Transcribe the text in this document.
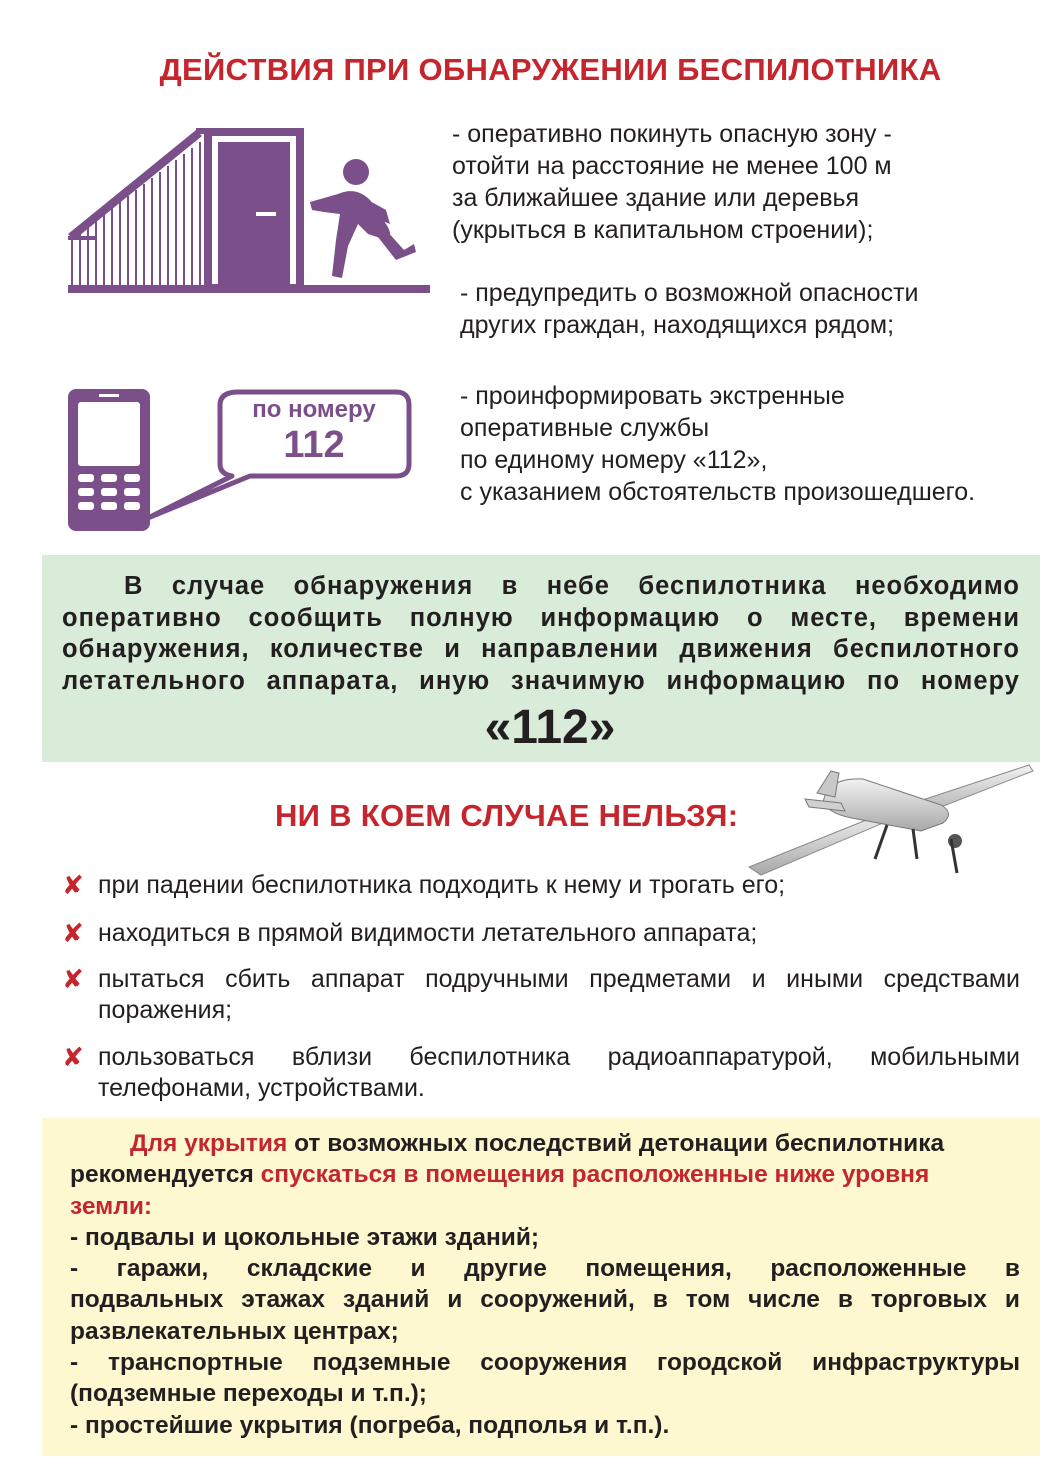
ДЕЙСТВИЯ ПРИ ОБНАРУЖЕНИИ БЕСПИЛОТНИКА
- оперативно покинуть опасную зону -
отойти на расстояние не менее 100 м
за ближайшее здание или деревья
(укрыться в капитальном строении);
- предупредить о возможной опасности
других граждан, находящихся рядом;
- проинформировать экстренные
оперативные службы
по единому номеру «112»,
с указанием обстоятельств произошедшего.
по номеру
112
В случае обнаружения в небе беспилотника необходимо
оперативно сообщить полную информацию о месте, времени
обнаружения, количестве и направлении движения беспилотного
летательного аппарата, иную значимую информацию по номеру
«112»
НИ В КОЕМ СЛУЧАЕ НЕЛЬЗЯ:
✘ при падении беспилотника подходить к нему и трогать его;
✘ находиться в прямой видимости летательного аппарата;
✘ пытаться сбить аппарат подручными предметами и иными средствами
поражения;
✘ пользоваться вблизи беспилотника радиоаппаратурой, мобильными
телефонами, устройствами.
Для укрытия от возможных последствий детонации беспилотника
рекомендуется спускаться в помещения расположенные ниже уровня
земли:
- подвалы и цокольные этажи зданий;
- гаражи, складские и другие помещения, расположенные в
подвальных этажах зданий и сооружений, в том числе в торговых и
развлекательных центрах;
- транспортные подземные сооружения городской инфраструктуры
(подземные переходы и т.п.);
- простейшие укрытия (погреба, подполья и т.п.).
